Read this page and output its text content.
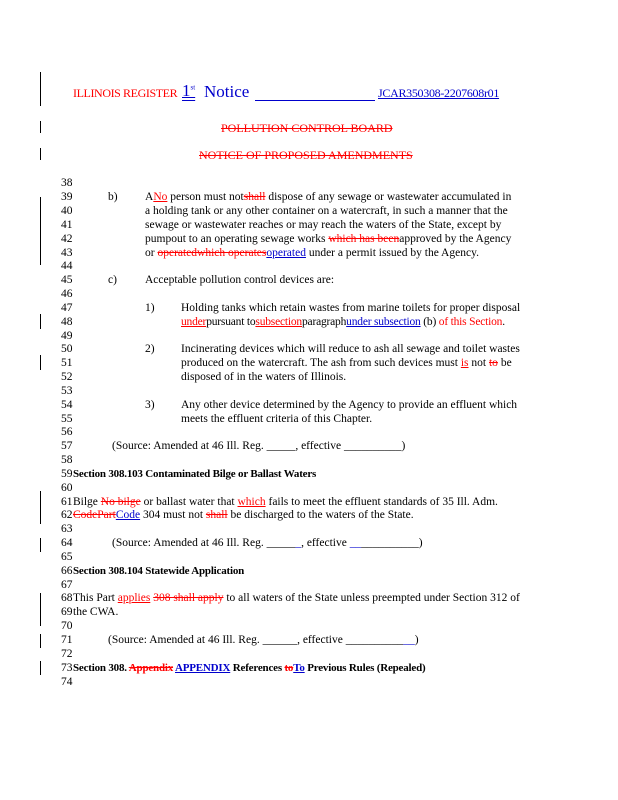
ILLINOIS REGISTER 1st Notice	JCAR350308-2207608r01
POLLUTION CONTROL BOARD
NOTICE OF PROPOSED AMENDMENTS
38
39
40
41
42
43
44
45
46
47
48
49
50
51
52
53
54
55
56
57
58
59
60
61
62
63
64
65
66
67
68
69
70
71
72
73
74
b) ANo person must notshall dispose of any sewage or wastewater accumulated in
a holding tank or any other container on a watercraft, in such a manner that the
sewage or wastewater reaches or may reach the waters of the State, except by
pumpout to an operating sewage works which has beenapproved by the Agency
or operatedwhich operatesoperated under a permit issued by the Agency.
c) Acceptable pollution control devices are:
1) Holding tanks which retain wastes from marine toilets for proper disposal
underpursuant tosubsectionparagraphunder subsection (b) of this Section.
2) Incinerating devices which will reduce to ash all sewage and toilet wastes
produced on the watercraft. The ash from such devices must is not to be
disposed of in the waters of Illinois.
3) Any other device determined by the Agency to provide an effluent which
meets the effluent criteria of this Chapter.
(Source: Amended at 46 Ill. Reg. _____, effective __________)
Section 308.103 Contaminated Bilge or Ballast Waters
Bilge No bilge or ballast water that which fails to meet the effluent standards of 35 Ill. Adm.
CodePartCode 304 must not shall be discharged to the waters of the State.
(Source: Amended at 46 Ill. Reg. ______, effective ____________)
Section 308.104 Statewide Application
This Part applies 308 shall apply to all waters of the State unless preempted under Section 312 of
the CWA.
(Source: Amended at 46 Ill. Reg. ______, effective ____________)
Section 308. Appendix APPENDIX References toTo Previous Rules (Repealed)
